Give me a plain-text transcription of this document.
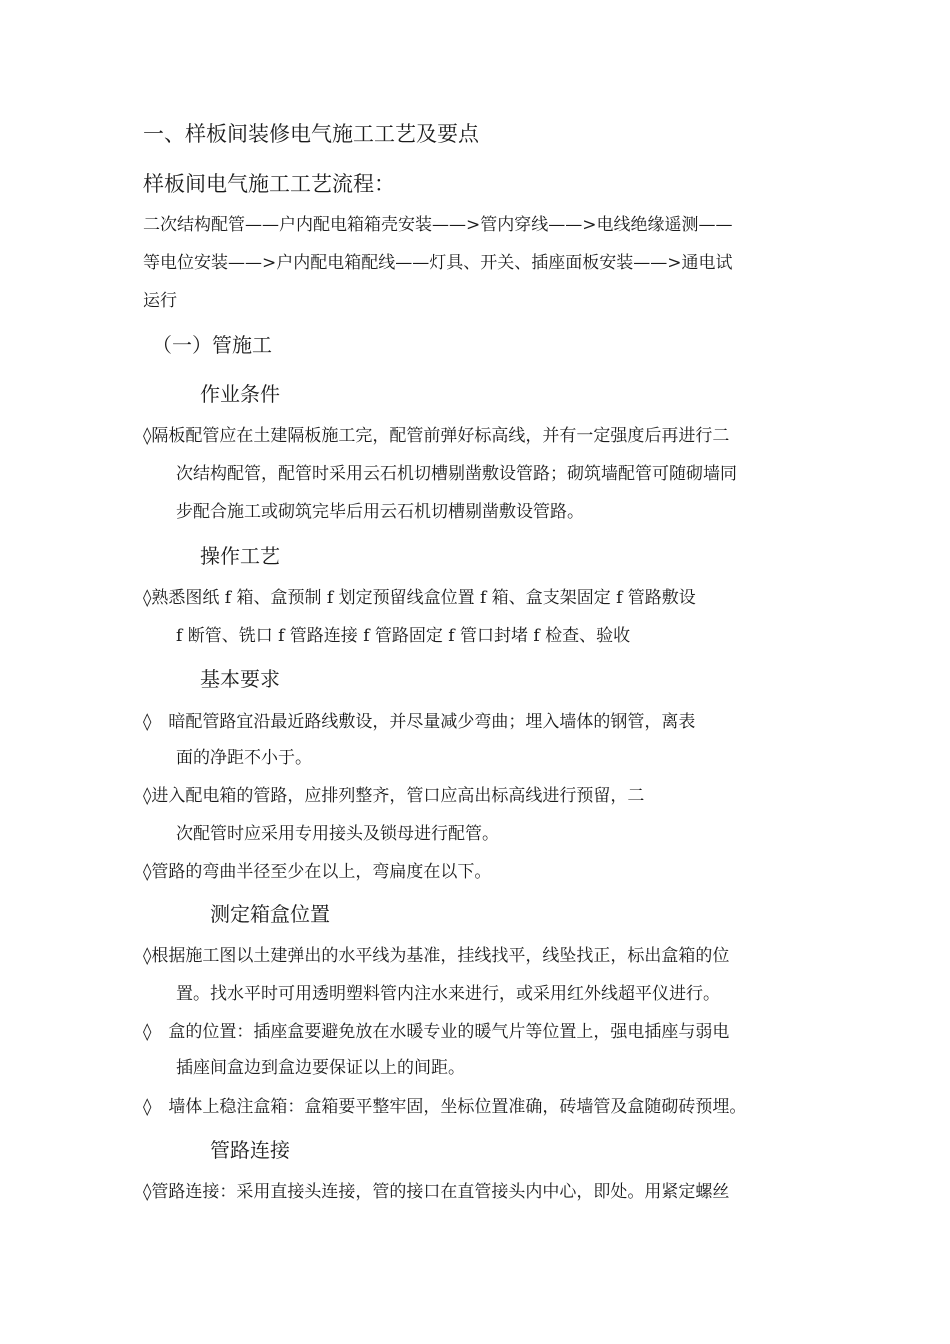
一、样板间装修电气施工工艺及要点
样板间电气施工工艺流程：
二次结构配管——户内配电箱箱壳安装——>管内穿线——>电线绝缘遥测——
等电位安装——>户内配电箱配线——灯具、开关、插座面板安装——>通电试
运行
（一）管施工
作业条件
◊隔板配管应在土建隔板施工完，配管前弹好标高线，并有一定强度后再进行二
次结构配管，配管时采用云石机切槽剔凿敷设管路；砌筑墙配管可随砌墙同
步配合施工或砌筑完毕后用云石机切槽剔凿敷设管路。
操作工艺
◊熟悉图纸 f 箱、盒预制 f 划定预留线盒位置 f 箱、盒支架固定 f 管路敷设
f 断管、铣口 f 管路连接 f 管路固定 f 管口封堵 f 检查、验收
基本要求
◊　暗配管路宜沿最近路线敷设，并尽量减少弯曲；埋入墙体的钢管，离表
面的净距不小于。
◊进入配电箱的管路，应排列整齐，管口应高出标高线进行预留，二
次配管时应采用专用接头及锁母进行配管。
◊管路的弯曲半径至少在以上，弯扁度在以下。
测定箱盒位置
◊根据施工图以土建弹出的水平线为基准，挂线找平，线坠找正，标出盒箱的位
置。找水平时可用透明塑料管内注水来进行，或采用红外线超平仪进行。
◊　盒的位置：插座盒要避免放在水暖专业的暖气片等位置上，强电插座与弱电
插座间盒边到盒边要保证以上的间距。
◊　墙体上稳注盒箱：盒箱要平整牢固，坐标位置准确，砖墙管及盒随砌砖预埋。
管路连接
◊管路连接：采用直接头连接，管的接口在直管接头内中心，即处。用紧定螺丝
